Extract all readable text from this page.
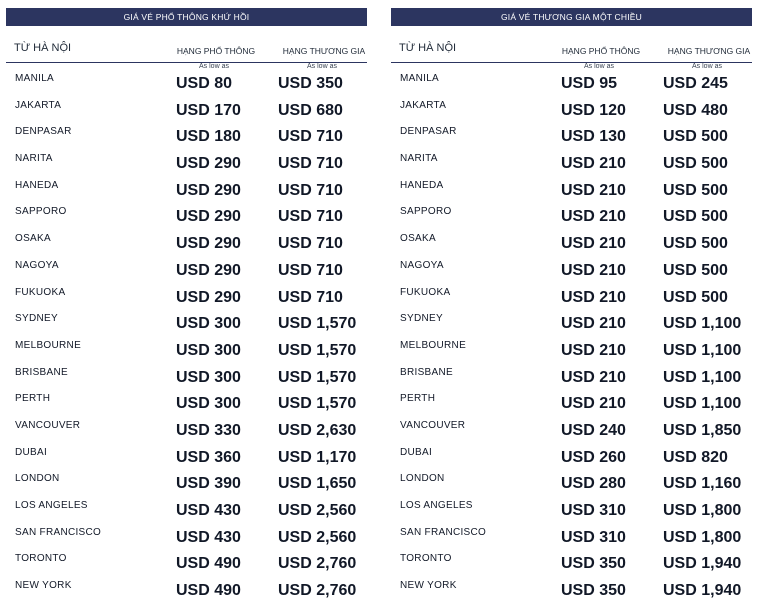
GIÁ VÉ PHỔ THÔNG KHỨ HỒI
TỪ HÀ NỘI	HẠNG PHỔ THÔNG	HẠNG THƯƠNG GIA
As low as	As low as
MANILA	USD 80	USD 350
JAKARTA	USD 170 USD 680
DENPASAR	USD 180 USD 710
NARITA	USD 290 USD 710
HANEDA	USD 290 USD 710
SAPPORO	USD 290 USD 710
OSAKA	USD 290 USD 710
NAGOYA	USD 290 USD 710
FUKUOKA	USD 290 USD 710
SYDNEY	USD 300 USD 1,570
MELBOURNE	USD 300 USD 1,570
BRISBANE	USD 300 USD 1,570
PERTH	USD 300 USD 1,570
VANCOUVER	USD 330 USD 2,630
DUBAI	USD 360 USD 1,170
LONDON	USD 390 USD 1,650
LOS ANGELES	USD 430 USD 2,560
SAN FRANCISCO	USD 430 USD 2,560
TORONTO	USD 490 USD 2,760
NEW YORK	USD 490 USD 2,760
GIÁ VÉ THƯƠNG GIA MỘT CHIỀU
TỪ HÀ NỘI	HẠNG PHỔ THÔNG	HẠNG THƯƠNG GIA
As low as	As low as
MANILA	USD 95	USD 245
JAKARTA	USD 120 USD 480
DENPASAR	USD 130 USD 500
NARITA	USD 210 USD 500
HANEDA	USD 210 USD 500
SAPPORO	USD 210 USD 500
OSAKA	USD 210 USD 500
NAGOYA	USD 210 USD 500
FUKUOKA	USD 210 USD 500
SYDNEY	USD 210 USD 1,100
MELBOURNE	USD 210 USD 1,100
BRISBANE	USD 210 USD 1,100
PERTH	USD 210 USD 1,100
VANCOUVER	USD 240 USD 1,850
DUBAI	USD 260 USD 820
LONDON	USD 280 USD 1,160
LOS ANGELES	USD 310 USD 1,800
SAN FRANCISCO	USD 310 USD 1,800
TORONTO	USD 350 USD 1,940
NEW YORK	USD 350 USD 1,940
